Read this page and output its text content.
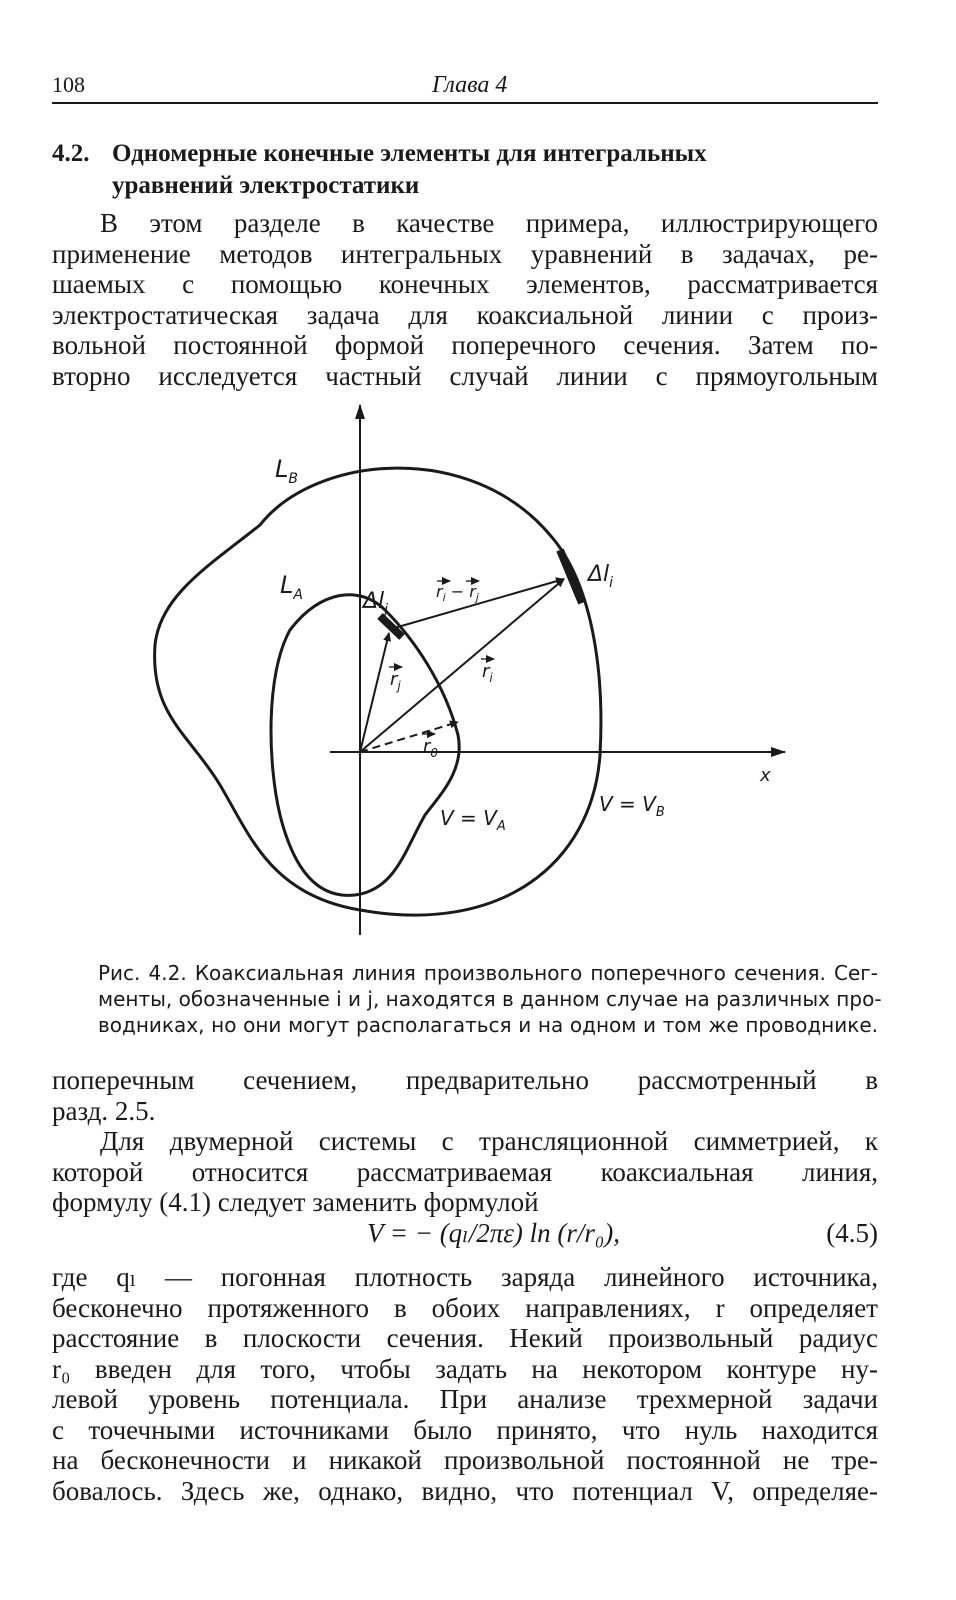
108	Глава 4
4.2. Одномерные конечные элементы для интегральных
уравнений электростатики
В этом разделе в качестве примера, иллюстрирующего
применение методов интегральных уравнений в задачах, ре-
шаемых с помощью конечных элементов, рассматривается
электростатическая задача для коаксиальной линии с произ-
вольной постоянной формой поперечного сечения. Затем по-
вторно исследуется частный случай линии с прямоугольным
$L_B$
$L_A$	$\Delta l_j$
$\Delta l_i$
$r_i - r_j$
$r_j$
$r_i$
$r_0$
x
$V = V_A$
$V = V_B$
Рис. 4.2. Коаксиальная линия произвольного поперечного сечения. Сег-
менты, обозначенные i и j, находятся в данном случае на различных про-
водниках, но они могут располагаться и на одном и том же проводнике.
поперечным сечением, предварительно рассмотренный в
разд. 2.5.
Для двумерной системы с трансляционной симметрией, к
которой относится рассматриваемая коаксиальная линия,
формулу (4.1) следует заменить формулой
V = − (qₗ/2πε) ln (r/r₀),	(4.5)
где qₗ — погонная плотность заряда линейного источника,
бесконечно протяженного в обоих направлениях, r определяет
расстояние в плоскости сечения. Некий произвольный радиус
r₀ введен для того, чтобы задать на некотором контуре ну-
левой уровень потенциала. При анализе трехмерной задачи
с точечными источниками было принято, что нуль находится
на бесконечности и никакой произвольной постоянной не тре-
бовалось. Здесь же, однако, видно, что потенциал V, определяе-
